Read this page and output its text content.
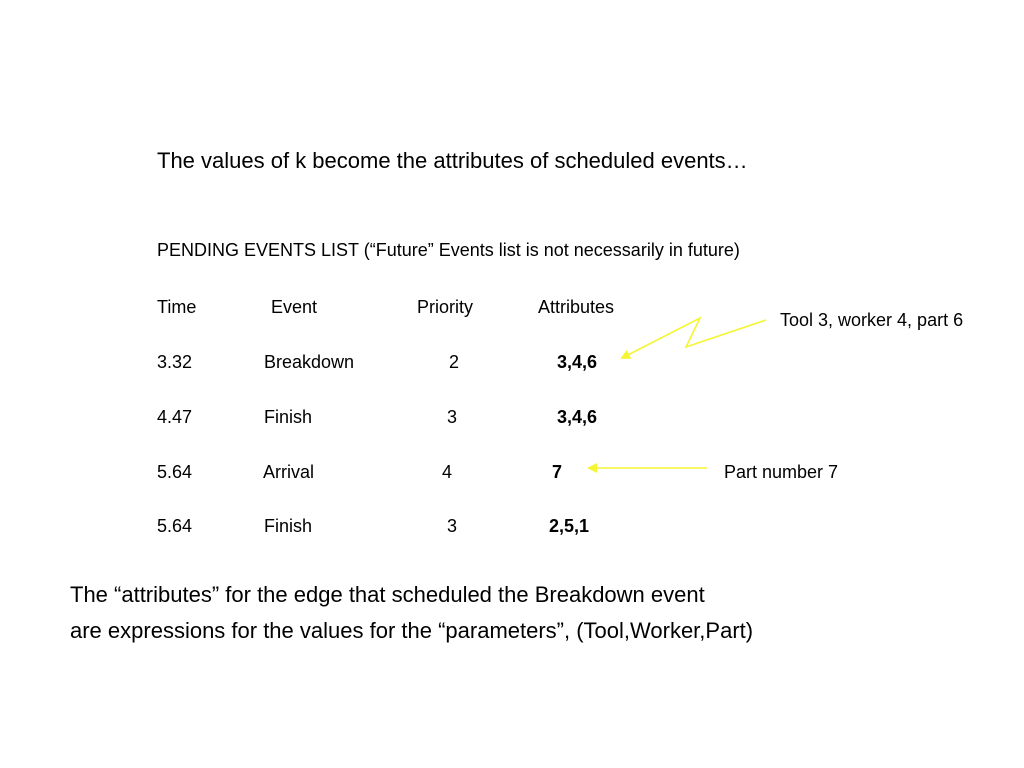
The values of k become the attributes of scheduled events…
PENDING EVENTS LIST (“Future” Events list is not necessarily in future)
Time	Event	Priority	Attributes
3.32	Breakdown	2	3,4,6
4.47	Finish	3	3,4,6
5.64	Arrival	4	7
5.64	Finish	3	2,5,1
Tool 3, worker 4, part 6
Part number 7
The “attributes” for the edge that scheduled the Breakdown event
are expressions for the values for the “parameters”, (Tool,Worker,Part)
